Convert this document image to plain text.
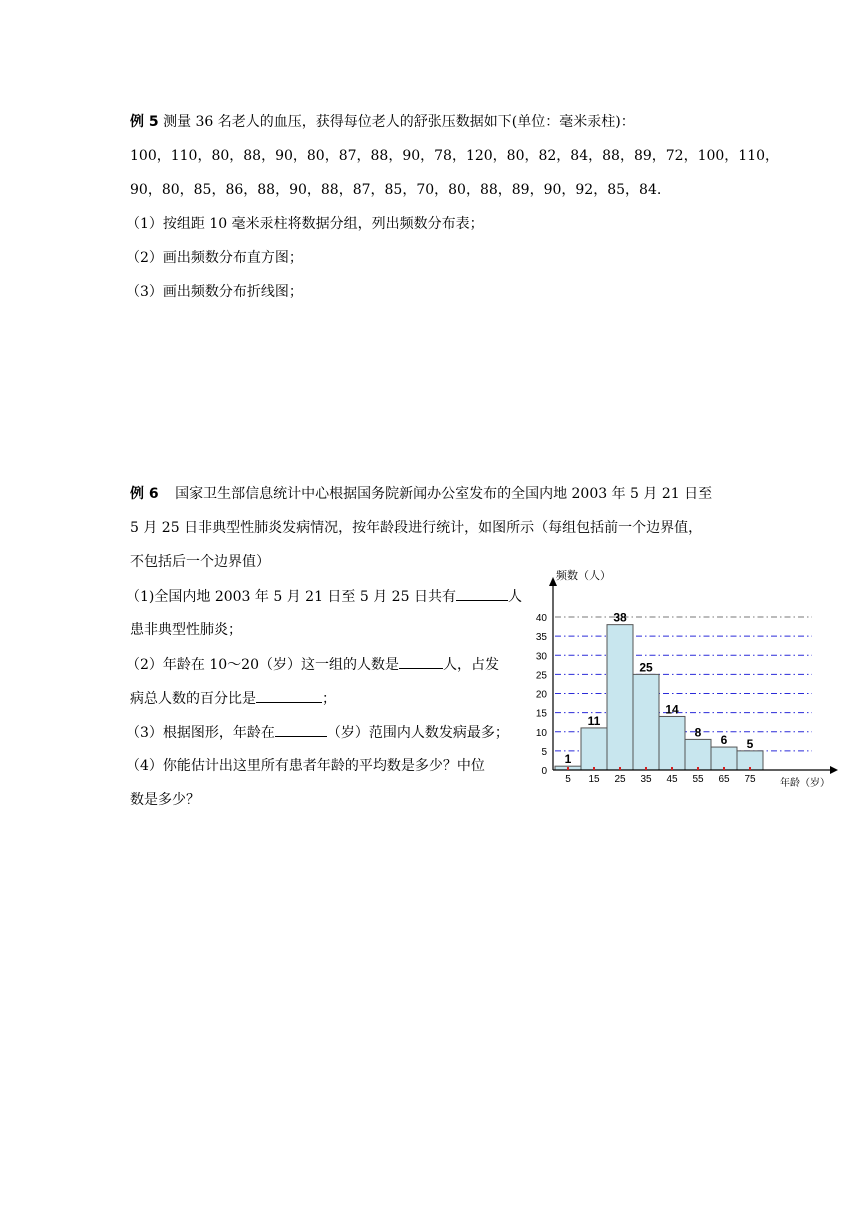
例 5 测量 36 名老人的血压，获得每位老人的舒张压数据如下(单位：毫米汞柱)：
100，110，80，88，90，80，87，88，90，78，120，80，82，84，88，89，72，100，110，
90，80，85，86，88，90，88，87，85，70，80，88，89，90，92，85，84.
（1）按组距 10 毫米汞柱将数据分组，列出频数分布表；
（2）画出频数分布直方图；
（3）画出频数分布折线图；
例 6 国家卫生部信息统计中心根据国务院新闻办公室发布的全国内地 2003 年 5 月 21 日至
5 月 25 日非典型性肺炎发病情况，按年龄段进行统计，如图所示（每组包括前一个边界值，
不包括后一个边界值）
（1)全国内地 2003 年 5 月 21 日至 5 月 25 日共有	人
患非典型性肺炎；
（2）年龄在 10～20（岁）这一组的人数是	人，占发
病总人数的百分比是	；
（3）根据图形，年龄在	（岁）范围内人数发病最多；
（4）你能估计出这里所有患者年龄的平均数是多少？中位
数是多少？
频数（人）
年龄（岁）
0
5
10
15
20
25
30
35
40
5 15 25 35 45 55 65 75
1
11
38
25
14
8
6 5
